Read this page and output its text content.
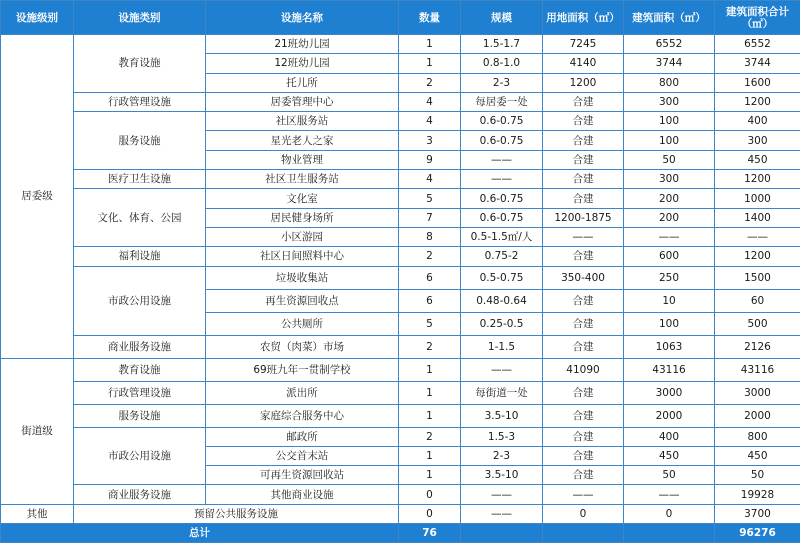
设施级别	设施类别	设施名称	数量	规模	用地面积（㎡）	建筑面积（㎡）	建筑面积合计（㎡）
居委级	教育设施	21班幼儿园	1	1.5-1.7	7245	6552	6552
		12班幼儿园	1	0.8-1.0	4140	3744	3744
		托儿所	2	2-3	1200	800	1600
	行政管理设施	居委管理中心	4	每居委一处	合建	300	1200
	服务设施	社区服务站	4	0.6-0.75	合建	100	400
		星光老人之家	3	0.6-0.75	合建	100	300
		物业管理	9	——	合建	50	450
	医疗卫生设施	社区卫生服务站	4	——	合建	300	1200
	文化、体育、公园	文化室	5	0.6-0.75	合建	200	1000
		居民健身场所	7	0.6-0.75	1200-1875	200	1400
		小区游园	8	0.5-1.5㎡/人	——	——	——
	福利设施	社区日间照料中心	2	0.75-2	合建	600	1200
	市政公用设施	垃圾收集站	6	0.5-0.75	350-400	250	1500
		再生资源回收点	6	0.48-0.64	合建	10	60
		公共厕所	5	0.25-0.5	合建	100	500
	商业服务设施	农贸（肉菜）市场	2	1-1.5	合建	1063	2126
街道级	教育设施	69班九年一贯制学校	1	——	41090	43116	43116
	行政管理设施	派出所	1	每街道一处	合建	3000	3000
	服务设施	家庭综合服务中心	1	3.5-10	合建	2000	2000
	市政公用设施	邮政所	2	1.5-3	合建	400	800
		公交首末站	1	2-3	合建	450	450
		可再生资源回收站	1	3.5-10	合建	50	50
	商业服务设施	其他商业设施	0	——	——	——	19928
其他	预留公共服务设施		0	——	0	0	3700
总计			76				96276
